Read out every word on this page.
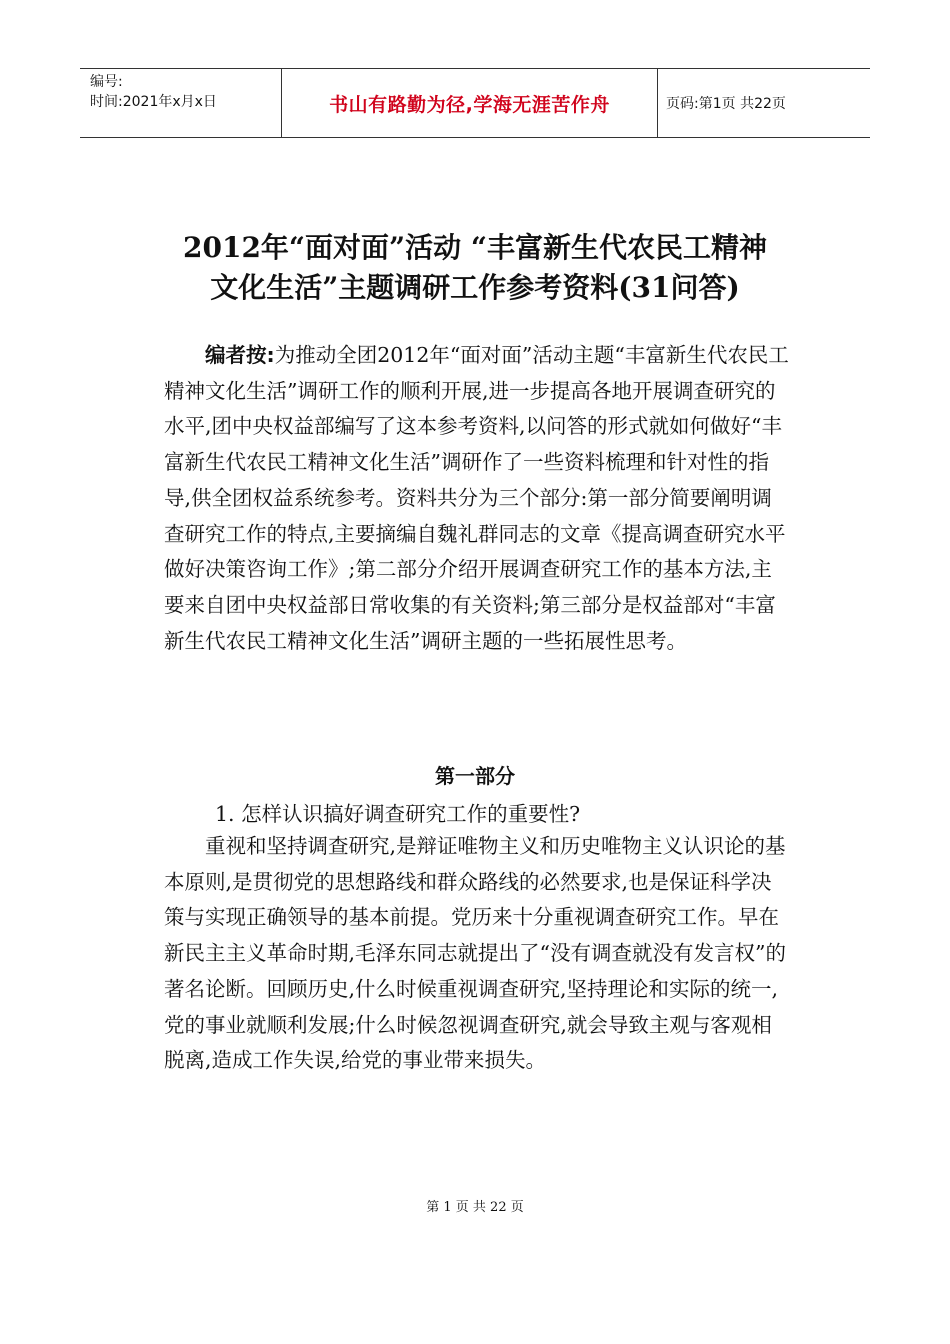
编号:
时间:2021年x月x日	书山有路勤为径,学海无涯苦作舟	页码:第1页 共22页
2012年“面对面”活动 “丰富新生代农民工精神
文化生活”主题调研工作参考资料(31问答)

编者按:为推动全团2012年“面对面”活动主题“丰富新生代农民工精神文化生活”调研工作的顺利开展,进一步提高各地开展调查研究的水平,团中央权益部编写了这本参考资料,以问答的形式就如何做好“丰富新生代农民工精神文化生活”调研作了一些资料梳理和针对性的指导,供全团权益系统参考。资料共分为三个部分:第一部分简要阐明调查研究工作的特点,主要摘编自魏礼群同志的文章《提高调查研究水平 做好决策咨询工作》;第二部分介绍开展调查研究工作的基本方法,主要来自团中央权益部日常收集的有关资料;第三部分是权益部对“丰富新生代农民工精神文化生活”调研主题的一些拓展性思考。

第一部分

1. 怎样认识搞好调查研究工作的重要性?

重视和坚持调查研究,是辩证唯物主义和历史唯物主义认识论的基本原则,是贯彻党的思想路线和群众路线的必然要求,也是保证科学决策与实现正确领导的基本前提。党历来十分重视调查研究工作。早在新民主主义革命时期,毛泽东同志就提出了“没有调查就没有发言权”的著名论断。回顾历史,什么时候重视调查研究,坚持理论和实际的统一,党的事业就顺利发展;什么时候忽视调查研究,就会导致主观与客观相脱离,造成工作失误,给党的事业带来损失。

第 1 页 共 22 页
